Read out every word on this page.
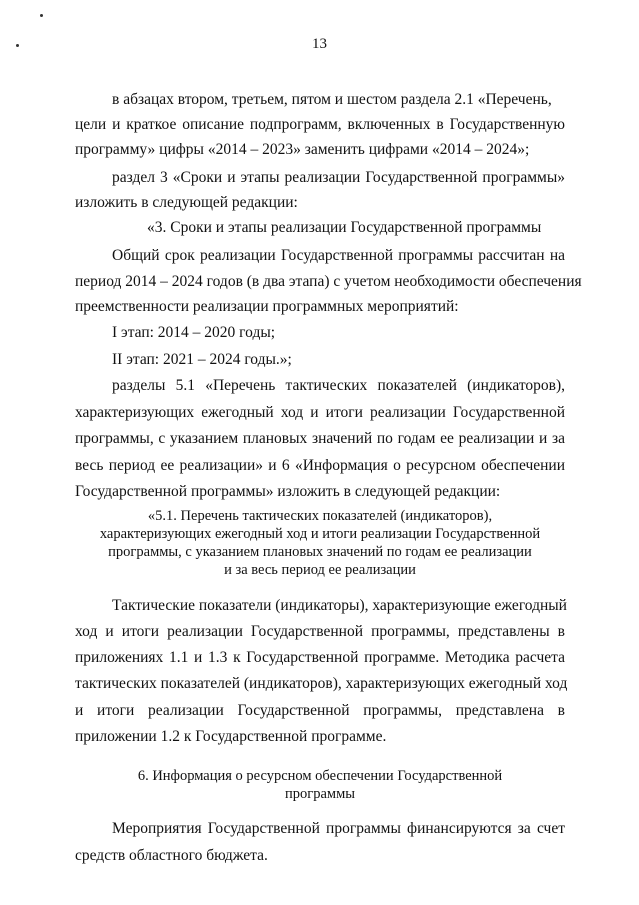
13
в абзацах втором, третьем, пятом и шестом раздела 2.1 «Перечень,
цели и краткое описание подпрограмм, включенных в Государственную
программу» цифры «2014 – 2023» заменить цифрами «2014 – 2024»;
раздел 3 «Сроки и этапы реализации Государственной программы»
изложить в следующей редакции:
«3. Сроки и этапы реализации Государственной программы
Общий срок реализации Государственной программы рассчитан на
период 2014 – 2024 годов (в два этапа) с учетом необходимости обеспечения
преемственности реализации программных мероприятий:
I этап: 2014 – 2020 годы;
II этап: 2021 – 2024 годы.»;
разделы 5.1 «Перечень тактических показателей (индикаторов),
характеризующих ежегодный ход и итоги реализации Государственной
программы, с указанием плановых значений по годам ее реализации и за
весь период ее реализации» и 6 «Информация о ресурсном обеспечении
Государственной программы» изложить в следующей редакции:
«5.1. Перечень тактических показателей (индикаторов),
характеризующих ежегодный ход и итоги реализации Государственной
программы, с указанием плановых значений по годам ее реализации
и за весь период ее реализации
Тактические показатели (индикаторы), характеризующие ежегодный
ход и итоги реализации Государственной программы, представлены в
приложениях 1.1 и 1.3 к Государственной программе. Методика расчета
тактических показателей (индикаторов), характеризующих ежегодный ход
и итоги реализации Государственной программы, представлена в
приложении 1.2 к Государственной программе.
6. Информация о ресурсном обеспечении Государственной
программы
Мероприятия Государственной программы финансируются за счет
средств областного бюджета.
